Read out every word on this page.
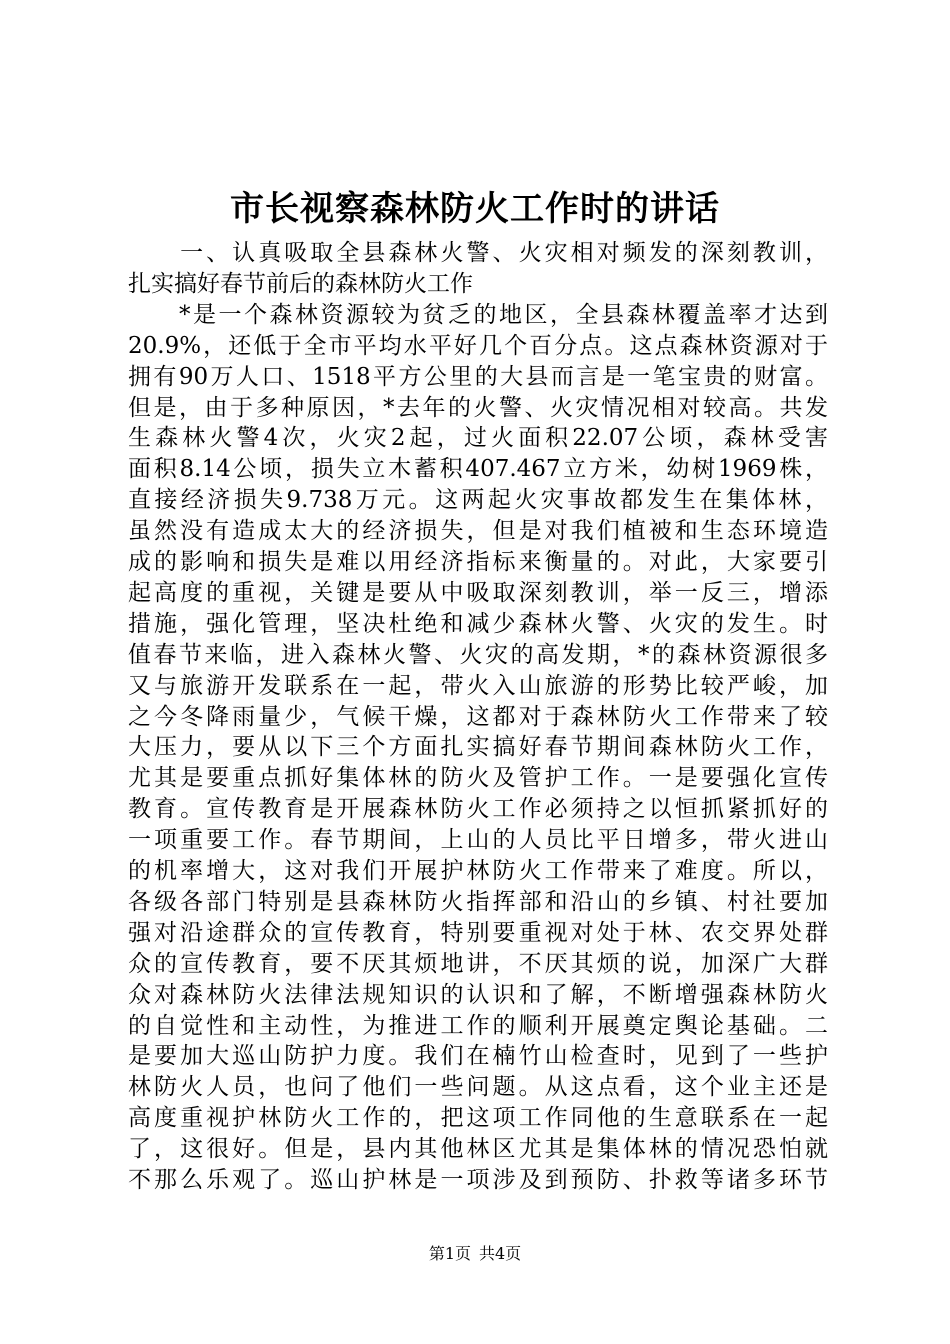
市长视察森林防火工作时的讲话
　　一、认真吸取全县森林火警、火灾相对频发的深刻教训，
扎实搞好春节前后的森林防火工作
　　*是一个森林资源较为贫乏的地区，全县森林覆盖率才达到
20.9%，还低于全市平均水平好几个百分点。这点森林资源对于
拥有90万人口、1518平方公里的大县而言是一笔宝贵的财富。
但是，由于多种原因，*去年的火警、火灾情况相对较高。共发
生森林火警4次，火灾2起，过火面积22.07公顷，森林受害
面积8.14公顷，损失立木蓄积407.467立方米，幼树1969株，
直接经济损失9.738万元。这两起火灾事故都发生在集体林，
虽然没有造成太大的经济损失，但是对我们植被和生态环境造
成的影响和损失是难以用经济指标来衡量的。对此，大家要引
起高度的重视，关键是要从中吸取深刻教训，举一反三，增添
措施，强化管理，坚决杜绝和减少森林火警、火灾的发生。时
值春节来临，进入森林火警、火灾的高发期，*的森林资源很多
又与旅游开发联系在一起，带火入山旅游的形势比较严峻，加
之今冬降雨量少，气候干燥，这都对于森林防火工作带来了较
大压力，要从以下三个方面扎实搞好春节期间森林防火工作，
尤其是要重点抓好集体林的防火及管护工作。一是要强化宣传
教育。宣传教育是开展森林防火工作必须持之以恒抓紧抓好的
一项重要工作。春节期间，上山的人员比平日增多，带火进山
的机率增大，这对我们开展护林防火工作带来了难度。所以，
各级各部门特别是县森林防火指挥部和沿山的乡镇、村社要加
强对沿途群众的宣传教育，特别要重视对处于林、农交界处群
众的宣传教育，要不厌其烦地讲，不厌其烦的说，加深广大群
众对森林防火法律法规知识的认识和了解，不断增强森林防火
的自觉性和主动性，为推进工作的顺利开展奠定舆论基础。二
是要加大巡山防护力度。我们在楠竹山检查时，见到了一些护
林防火人员，也问了他们一些问题。从这点看，这个业主还是
高度重视护林防火工作的，把这项工作同他的生意联系在一起
了，这很好。但是，县内其他林区尤其是集体林的情况恐怕就
不那么乐观了。巡山护林是一项涉及到预防、扑救等诸多环节
第1页 共4页
